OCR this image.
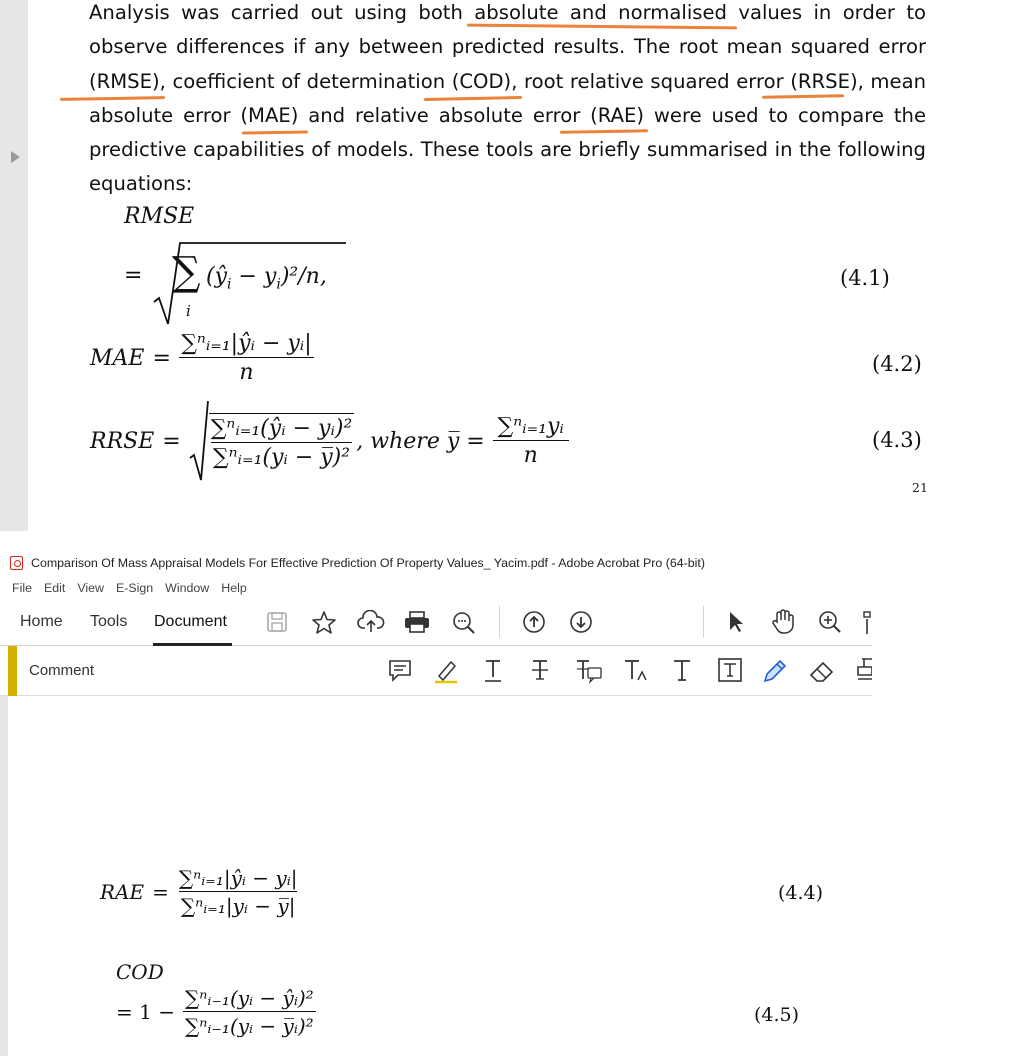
Analysis was carried out using both absolute and normalised values in order to
observe differences if any between predicted results. The root mean squared error
(RMSE), coefficient of determination (COD), root relative squared error (RRSE), mean
absolute error (MAE) and relative absolute error (RAE) were used to compare the
predictive capabilities of models. These tools are briefly summarised in the following
equations:
RMSE
= ∑
i
$(ŷ_i - y_i)^2/n$,	(4.1)
MAE = $\frac{\text{∑ⁿᵢ₌₁|ŷᵢ − yᵢ|}}{n}$	(4.2)
RRSE = $\frac{\text{∑ⁿᵢ₌₁(ŷᵢ − yᵢ)²}}{\text{∑ⁿᵢ₌₁(yᵢ − y̅)²}}$ , where y̅ = $\frac{\text{∑ⁿᵢ₌₁yᵢ}}{n}$	(4.3)
21
Comparison Of Mass Appraisal Models For Effective Prediction Of Property Values_ Yacim.pdf - Adobe Acrobat Pro (64-bit)
File Edit View E-Sign Window Help
Home Tools Document
Comment
RAE = $\frac{\text{∑ⁿᵢ₌₁|ŷᵢ − yᵢ|}}{\text{∑ⁿᵢ₌₁|yᵢ − y̅|}}$	(4.4)
COD
= $1 - \frac{\text{∑ⁿᵢ₋₁(yᵢ − ŷᵢ)²}}{\text{∑ⁿᵢ₋₁(yᵢ − y̅ᵢ)²}}$	(4.5)
